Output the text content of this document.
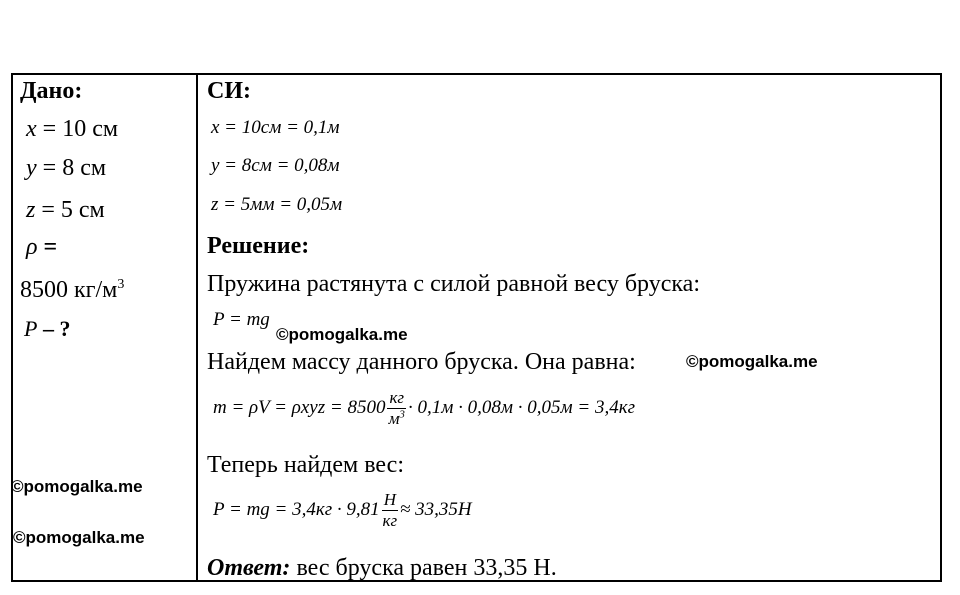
Дано:
x = 10 см
y = 8 см
z = 5 см
ρ =
8500 $кг/м^3$
P – ?
СИ:
x = 10см = 0,1м
y = 8см = 0,08м
z = 5мм = 0,05м
Решение:
Пружина растянута с силой равной весу бруска:
P = mg
Найдем массу данного бруска. Она равна:
$m = \rho V = \rho xyz = 8500 \frac{кг}{м^3} \cdot 0,1м \cdot 0,08м \cdot 0,05м = 3,4кг$
Теперь найдем вес:
P = mg = $3,4кг \cdot 9,81 \frac{Н}{кг} \approx 33,35Н$
Ответ: вес бруска равен 33,35 Н.
©pomogalka.me
©pomogalka.me
©pomogalka.me
©pomogalka.me
